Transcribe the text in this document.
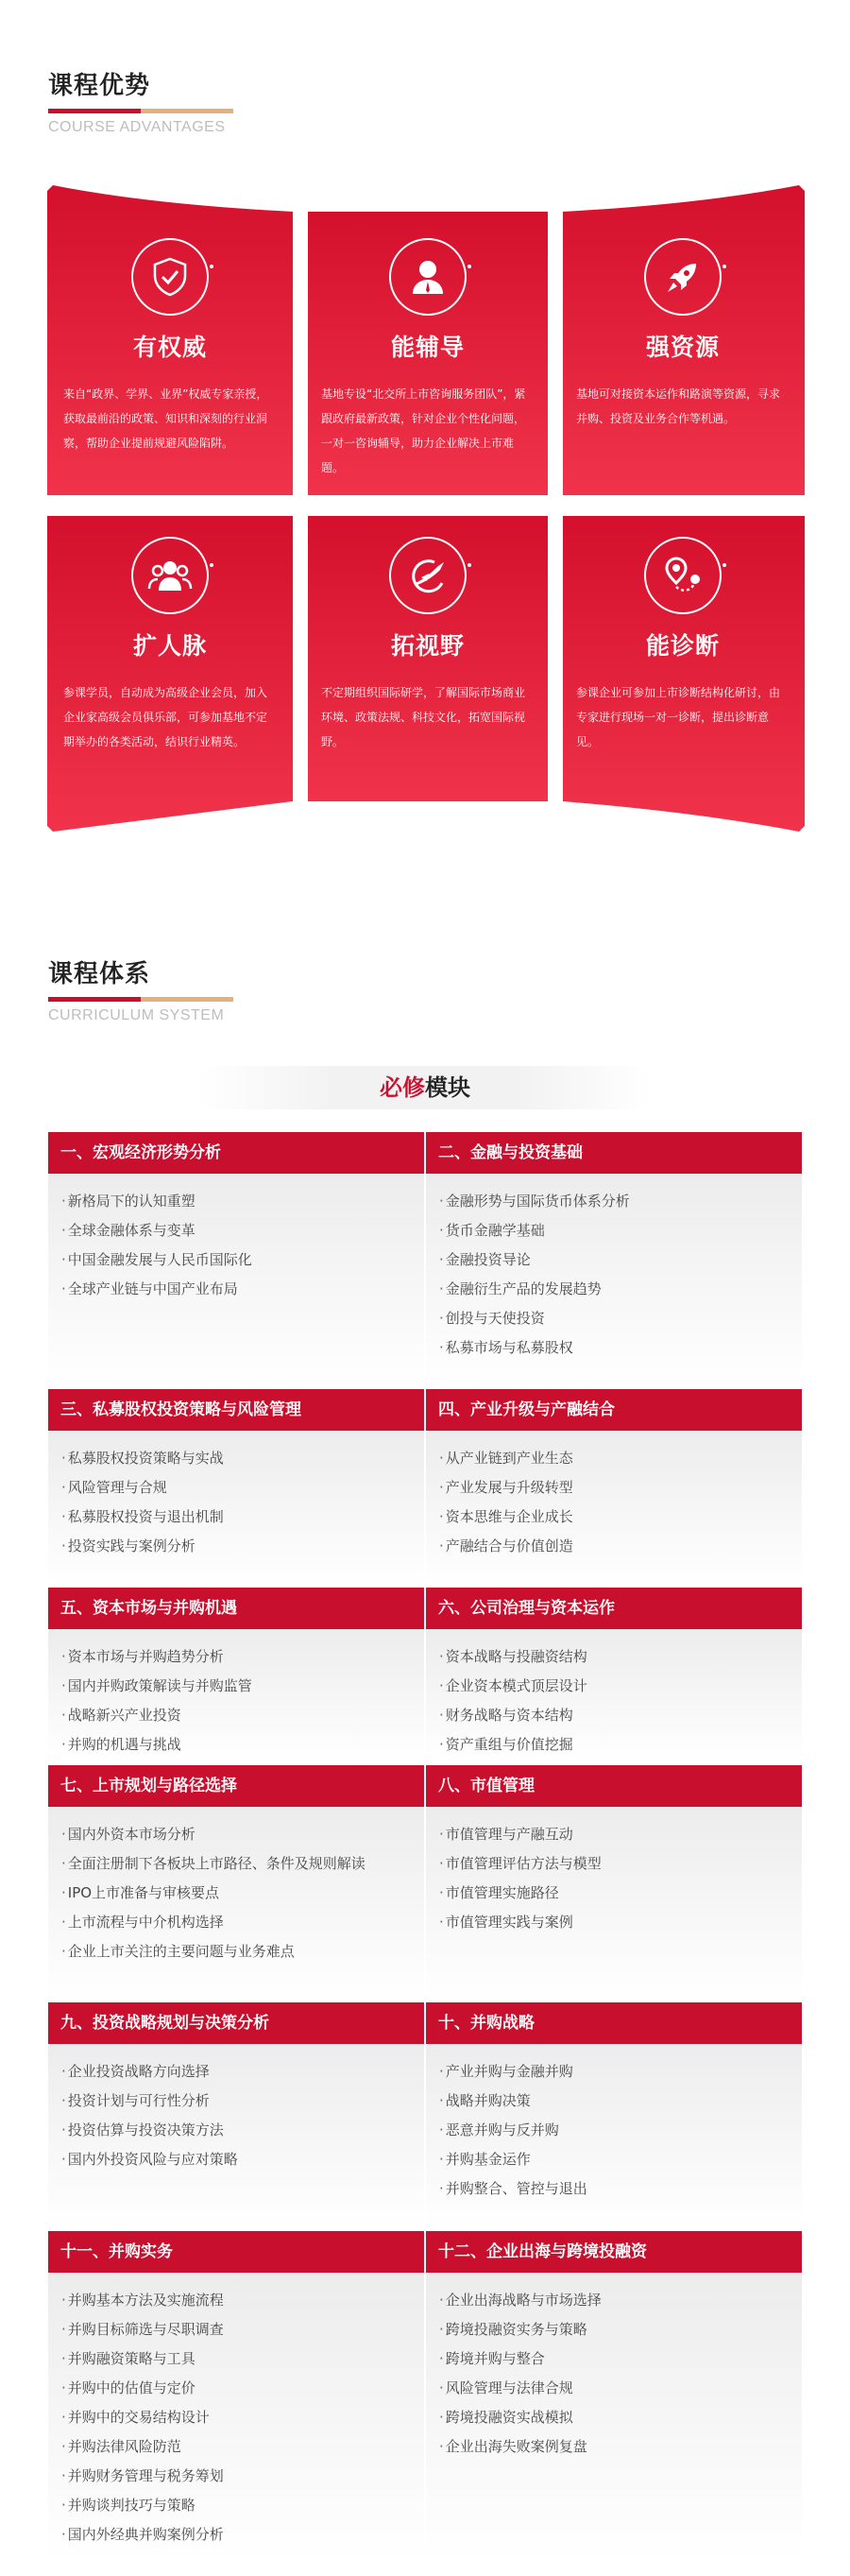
课程优势
COURSE ADVANTAGES
有权威
来自“政界、学界、业界”权威专家亲授，获取最前沿的政策、知识和深刻的行业洞察，帮助企业提前规避风险陷阱。
能辅导
基地专设“北交所上市咨询服务团队”，紧跟政府最新政策，针对企业个性化问题，一对一咨询辅导，助力企业解决上市难题。
强资源
基地可对接资本运作和路演等资源，寻求并购、投资及业务合作等机遇。
扩人脉
参课学员，自动成为高级企业会员，加入企业家高级会员俱乐部，可参加基地不定期举办的各类活动，结识行业精英。
拓视野
不定期组织国际研学，了解国际市场商业环境、政策法规、科技文化，拓宽国际视野。
能诊断
参课企业可参加上市诊断结构化研讨，由专家进行现场一对一诊断，提出诊断意见。
课程体系
CURRICULUM SYSTEM
必修模块
一、宏观经济形势分析
· 新格局下的认知重塑
· 全球金融体系与变革
· 中国金融发展与人民币国际化
· 全球产业链与中国产业布局
二、金融与投资基础
· 金融形势与国际货币体系分析
· 货币金融学基础
· 金融投资导论
· 金融衍生产品的发展趋势
· 创投与天使投资
· 私募市场与私募股权
三、私募股权投资策略与风险管理
· 私募股权投资策略与实战
· 风险管理与合规
· 私募股权投资与退出机制
· 投资实践与案例分析
四、产业升级与产融结合
· 从产业链到产业生态
· 产业发展与升级转型
· 资本思维与企业成长
· 产融结合与价值创造
五、资本市场与并购机遇
· 资本市场与并购趋势分析
· 国内并购政策解读与并购监管
· 战略新兴产业投资
· 并购的机遇与挑战
六、公司治理与资本运作
· 资本战略与投融资结构
· 企业资本模式顶层设计
· 财务战略与资本结构
· 资产重组与价值挖掘
七、上市规划与路径选择
· 国内外资本市场分析
· 全面注册制下各板块上市路径、条件及规则解读
· IPO上市准备与审核要点
· 上市流程与中介机构选择
· 企业上市关注的主要问题与业务难点
八、市值管理
· 市值管理与产融互动
· 市值管理评估方法与模型
· 市值管理实施路径
· 市值管理实践与案例
九、投资战略规划与决策分析
· 企业投资战略方向选择
· 投资计划与可行性分析
· 投资估算与投资决策方法
· 国内外投资风险与应对策略
十、并购战略
· 产业并购与金融并购
· 战略并购决策
· 恶意并购与反并购
· 并购基金运作
· 并购整合、管控与退出
十一、并购实务
· 并购基本方法及实施流程
· 并购目标筛选与尽职调查
· 并购融资策略与工具
· 并购中的估值与定价
· 并购中的交易结构设计
· 并购法律风险防范
· 并购财务管理与税务筹划
· 并购谈判技巧与策略
· 国内外经典并购案例分析
十二、企业出海与跨境投融资
· 企业出海战略与市场选择
· 跨境投融资实务与策略
· 跨境并购与整合
· 风险管理与法律合规
· 跨境投融资实战模拟
· 企业出海失败案例复盘
